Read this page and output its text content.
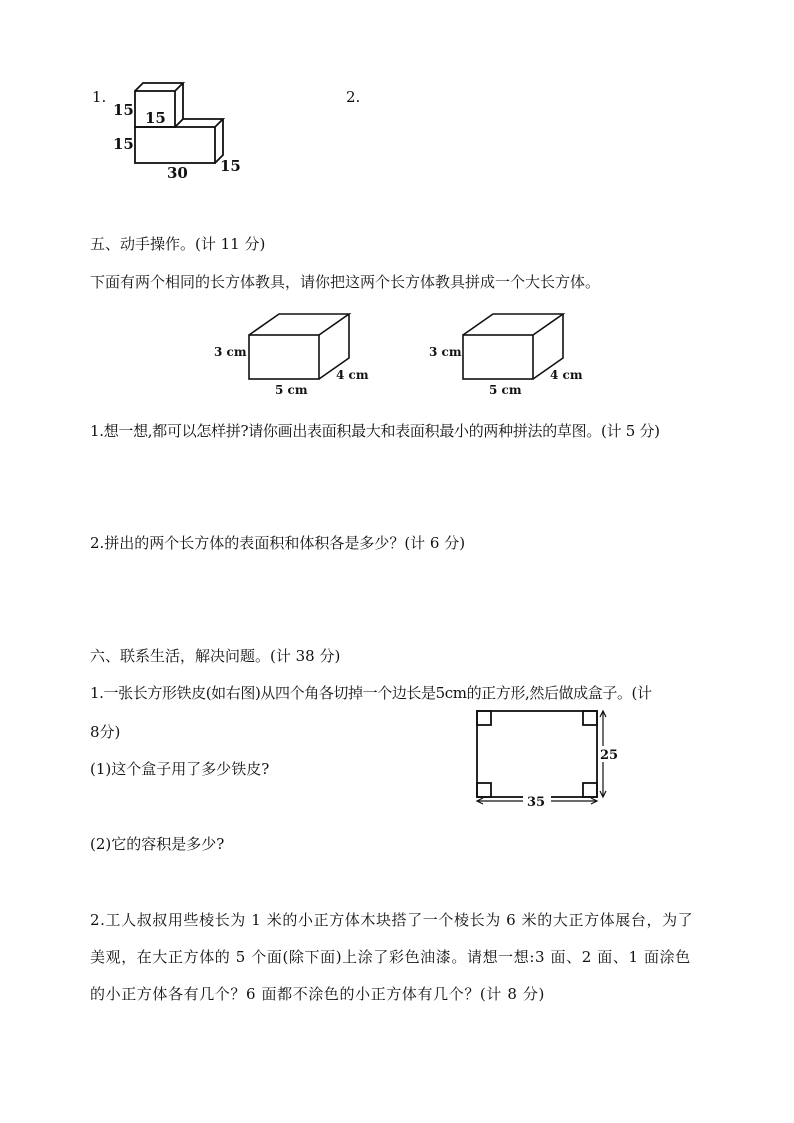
1.
15 15
15
30 15
2.
五、动手操作。(计 11 分)
下面有两个相同的长方体教具，请你把这两个长方体教具拼成一个大长方体。
3 cm
5 cm
4 cm
3 cm
5 cm
4 cm
1.想一想,都可以怎样拼?请你画出表面积最大和表面积最小的两种拼法的草图。(计 5 分)
2.拼出的两个长方体的表面积和体积各是多少？(计 6 分)
六、联系生活，解决问题。(计 38 分)
1.一张长方形铁皮(如右图)从四个角各切掉一个边长是5cm的正方形,然后做成盒子。(计
8分)
(1)这个盒子用了多少铁皮?
(2)它的容积是多少?
25
35
2.工人叔叔用些棱长为 1 米的小正方体木块搭了一个棱长为 6 米的大正方体展台，为了
美观，在大正方体的 5 个面(除下面)上涂了彩色油漆。请想一想:3 面、2 面、1 面涂色
的小正方体各有几个？6 面都不涂色的小正方体有几个？(计 8 分)
